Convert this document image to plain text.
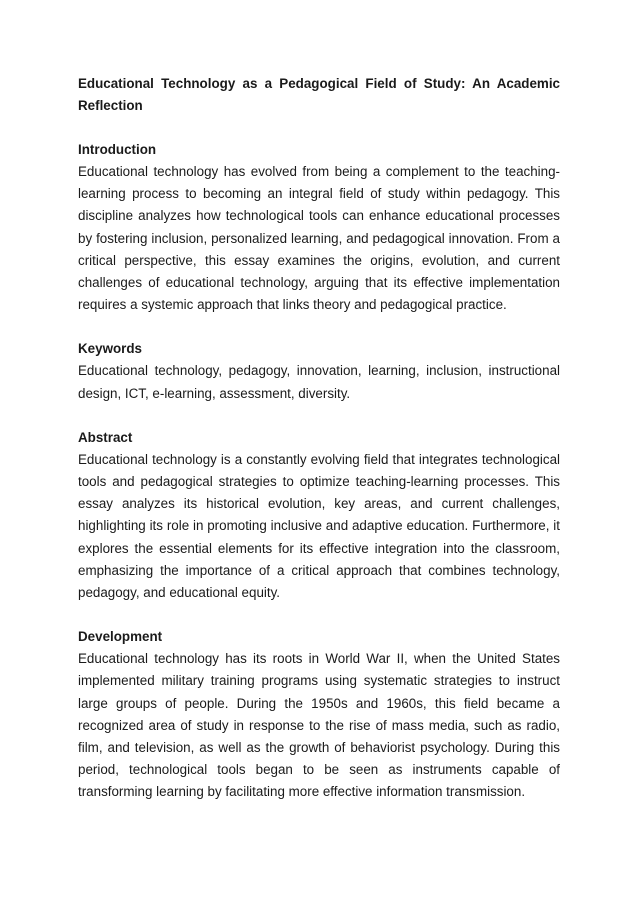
Educational Technology as a Pedagogical Field of Study: An Academic Reflection
Introduction

Educational technology has evolved from being a complement to the teaching-learning process to becoming an integral field of study within pedagogy. This discipline analyzes how technological tools can enhance educational processes by fostering inclusion, personalized learning, and pedagogical innovation. From a critical perspective, this essay examines the origins, evolution, and current challenges of educational technology, arguing that its effective implementation requires a systemic approach that links theory and pedagogical practice.

Keywords

Educational technology, pedagogy, innovation, learning, inclusion, instructional design, ICT, e-learning, assessment, diversity.

Abstract

Educational technology is a constantly evolving field that integrates technological tools and pedagogical strategies to optimize teaching-learning processes. This essay analyzes its historical evolution, key areas, and current challenges, highlighting its role in promoting inclusive and adaptive education. Furthermore, it explores the essential elements for its effective integration into the classroom, emphasizing the importance of a critical approach that combines technology, pedagogy, and educational equity.

Development

Educational technology has its roots in World War II, when the United States implemented military training programs using systematic strategies to instruct large groups of people. During the 1950s and 1960s, this field became a recognized area of study in response to the rise of mass media, such as radio, film, and television, as well as the growth of behaviorist psychology. During this period, technological tools began to be seen as instruments capable of transforming learning by facilitating more effective information transmission.
